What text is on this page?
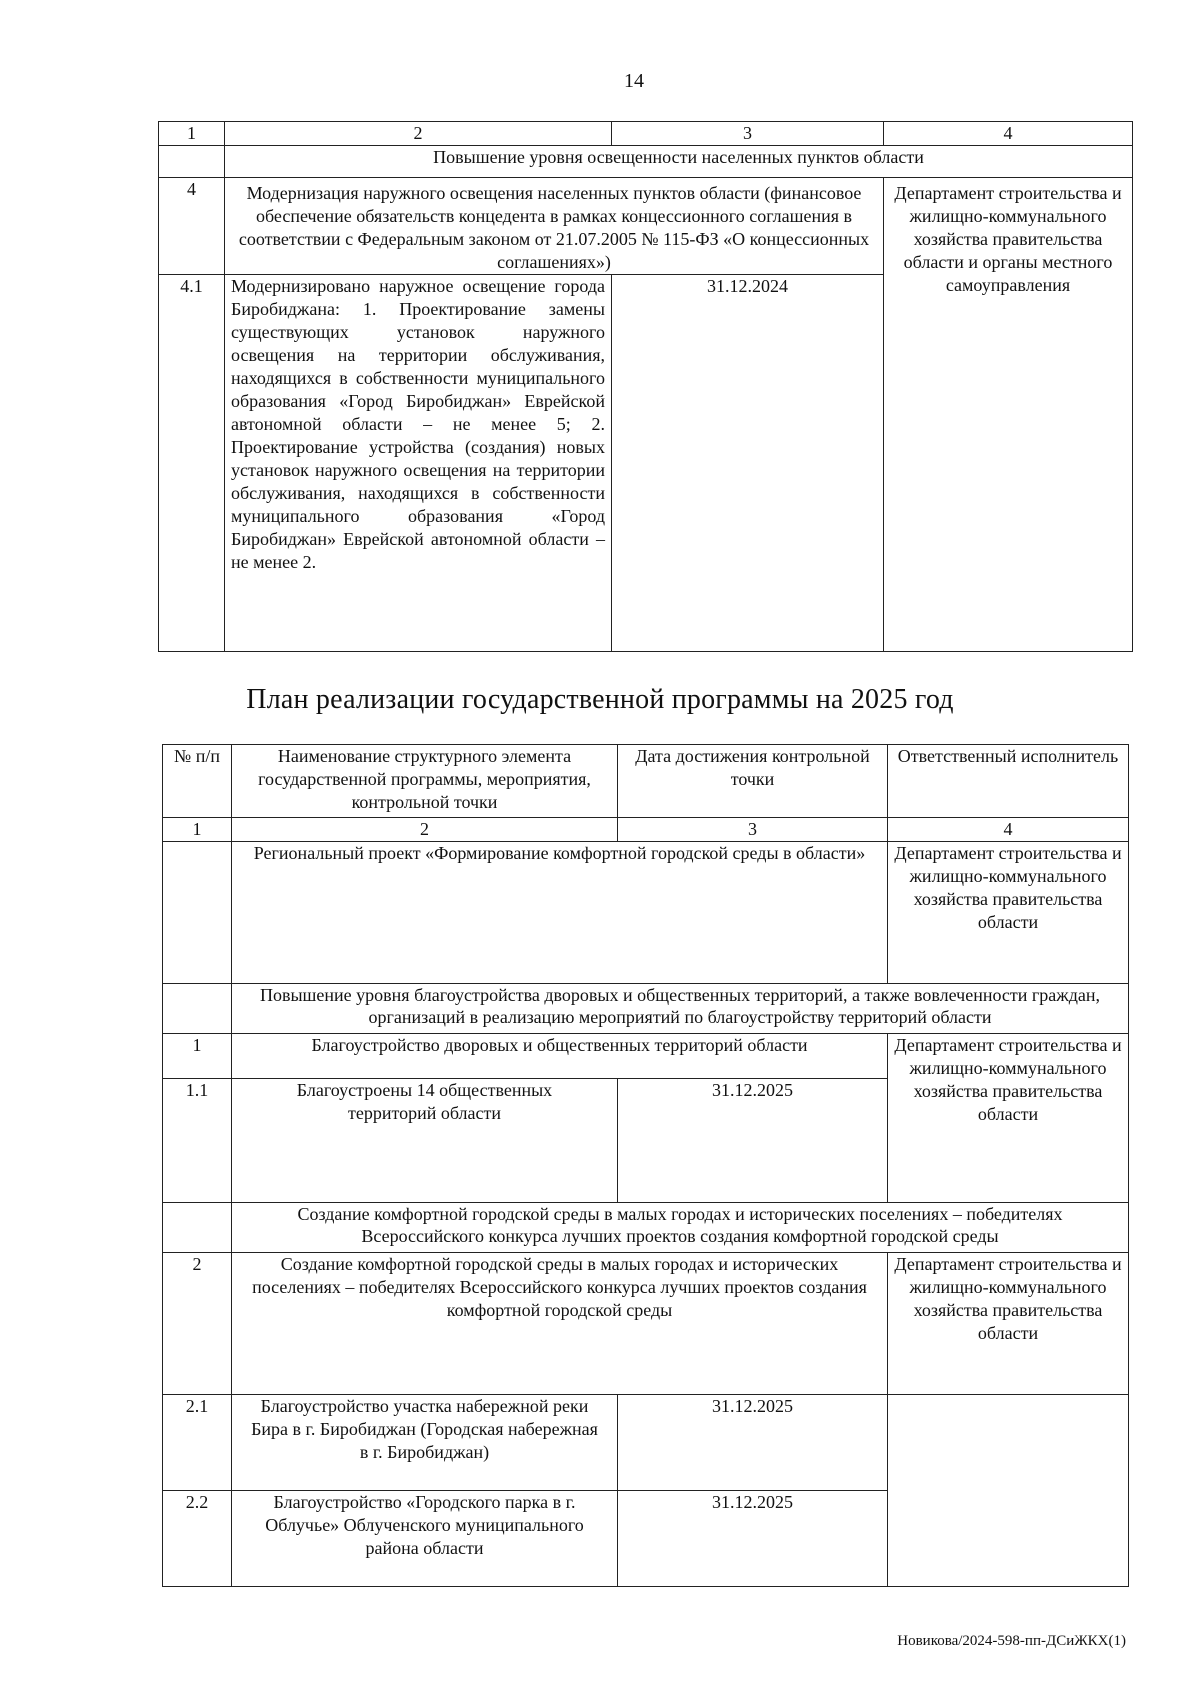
14
1	2	3	4
	Повышение уровня освещенности населенных пунктов области		
4	Модернизация наружного освещения населенных пунктов области (финансовое обеспечение обязательств концедента в рамках концессионного соглашения в соответствии с Федеральным законом от 21.07.2005 № 115-ФЗ «О концессионных соглашениях»)		Департамент строительства и жилищно-коммунального хозяйства правительства области и органы местного самоуправления
4.1	Модернизировано наружное освещение города Биробиджана: 1. Проектирование замены существующих установок наружного освещения на территории обслуживания, находящихся в собственности муниципального образования «Город Биробиджан» Еврейской автономной области – не менее 5; 2. Проектирование устройства (создания) новых установок наружного освещения на территории обслуживания, находящихся в собственности муниципального образования «Город Биробиджан» Еврейской автономной области – не менее 2.	31.12.2024	
План реализации государственной программы на 2025 год
№ п/п	Наименование структурного элемента государственной программы, мероприятия, контрольной точки	Дата достижения контрольной точки	Ответственный исполнитель
1	2	3	4
	Региональный проект «Формирование комфортной городской среды в области»		Департамент строительства и жилищно-коммунального хозяйства правительства области
	Повышение уровня благоустройства дворовых и общественных территорий, а также вовлеченности граждан, организаций в реализацию мероприятий по благоустройству территорий области		
1	Благоустройство дворовых и общественных территорий области		Департамент строительства и жилищно-коммунального хозяйства правительства области
1.1	Благоустроены 14 общественных территорий области	31.12.2025	
	Создание комфортной городской среды в малых городах и исторических поселениях – победителях Всероссийского конкурса лучших проектов создания комфортной городской среды		
2	Создание комфортной городской среды в малых городах и исторических поселениях – победителях Всероссийского конкурса лучших проектов создания комфортной городской среды		Департамент строительства и жилищно-коммунального хозяйства правительства области
2.1	Благоустройство участка набережной реки Бира в г. Биробиджан (Городская набережная в г. Биробиджан)	31.12.2025	
2.2	Благоустройство «Городского парка в г. Облучье» Облученского муниципального района области	31.12.2025	
Новикова/2024-598-пп-ДСиЖКХ(1)
